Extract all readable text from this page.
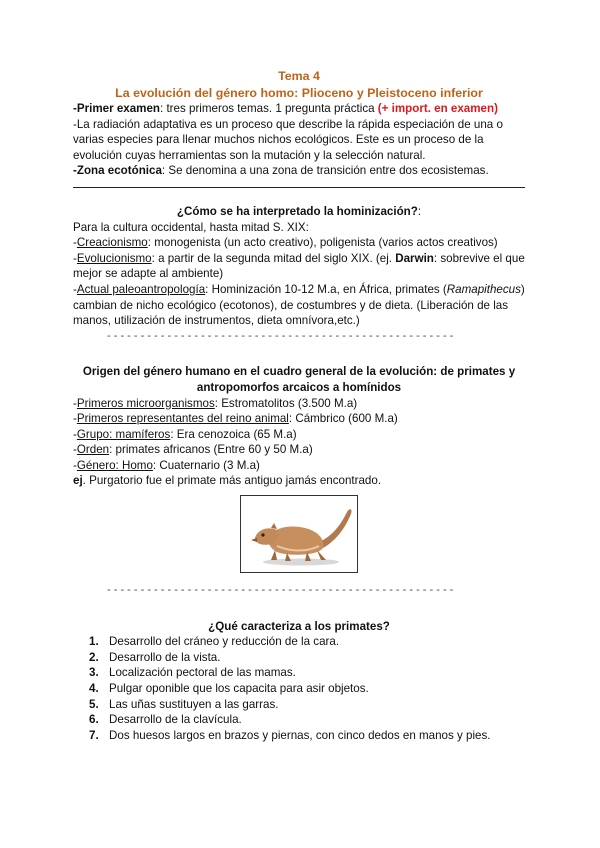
Tema 4
La evolución del género homo: Plioceno y Pleistoceno inferior

-Primer examen: tres primeros temas. 1 pregunta práctica (+ import. en examen)

-La radiación adaptativa es un proceso que describe la rápida especiación de una o varias especies para llenar muchos nichos ecológicos. Este es un proceso de la evolución cuyas herramientas son la mutación y la selección natural.

-Zona ecotónica: Se denomina a una zona de transición entre dos ecosistemas.

¿Cómo se ha interpretado la hominización?:

Para la cultura occidental, hasta mitad S. XIX:

-Creacionismo: monogenista (un acto creativo), poligenista (varios actos creativos)

-Evolucionismo: a partir de la segunda mitad del siglo XIX. (ej. Darwin: sobrevive el que mejor se adapte al ambiente)

-Actual paleoantropología: Hominización 10-12 M.a, en África, primates (Ramapithecus) cambian de nicho ecológico (ecotonos), de costumbres y de dieta. (Liberación de las manos, utilización de instrumentos, dieta omnívora,etc.)

- - - - - - - - - - - - - - - - - - - - - - - - - - - - - - - - - - - - - - - - - - - - - - - - - - - -
Origen del género humano en el cuadro general de la evolución: de primates y antropomorfos arcaicos a homínidos

-Primeros microorganismos: Estromatolitos (3.500 M.a)

-Primeros representantes del reino animal: Cámbrico (600 M.a)

-Grupo: mamíferos: Era cenozoica (65 M.a)

-Orden: primates africanos (Entre 60 y 50 M.a)

-Género: Homo: Cuaternario (3 M.a)

ej. Purgatorio fue el primate más antiguo jamás encontrado.

- - - - - - - - - - - - - - - - - - - - - - - - - - - - - - - - - - - - - - - - - - - - - - - - - - - -
¿Qué caracteriza a los primates?
1. Desarrollo del cráneo y reducción de la cara.
2. Desarrollo de la vista.
3. Localización pectoral de las mamas.
4. Pulgar oponible que los capacita para asir objetos.
5. Las uñas sustituyen a las garras.
6. Desarrollo de la clavícula.
7. Dos huesos largos en brazos y piernas, con cinco dedos en manos y pies.
